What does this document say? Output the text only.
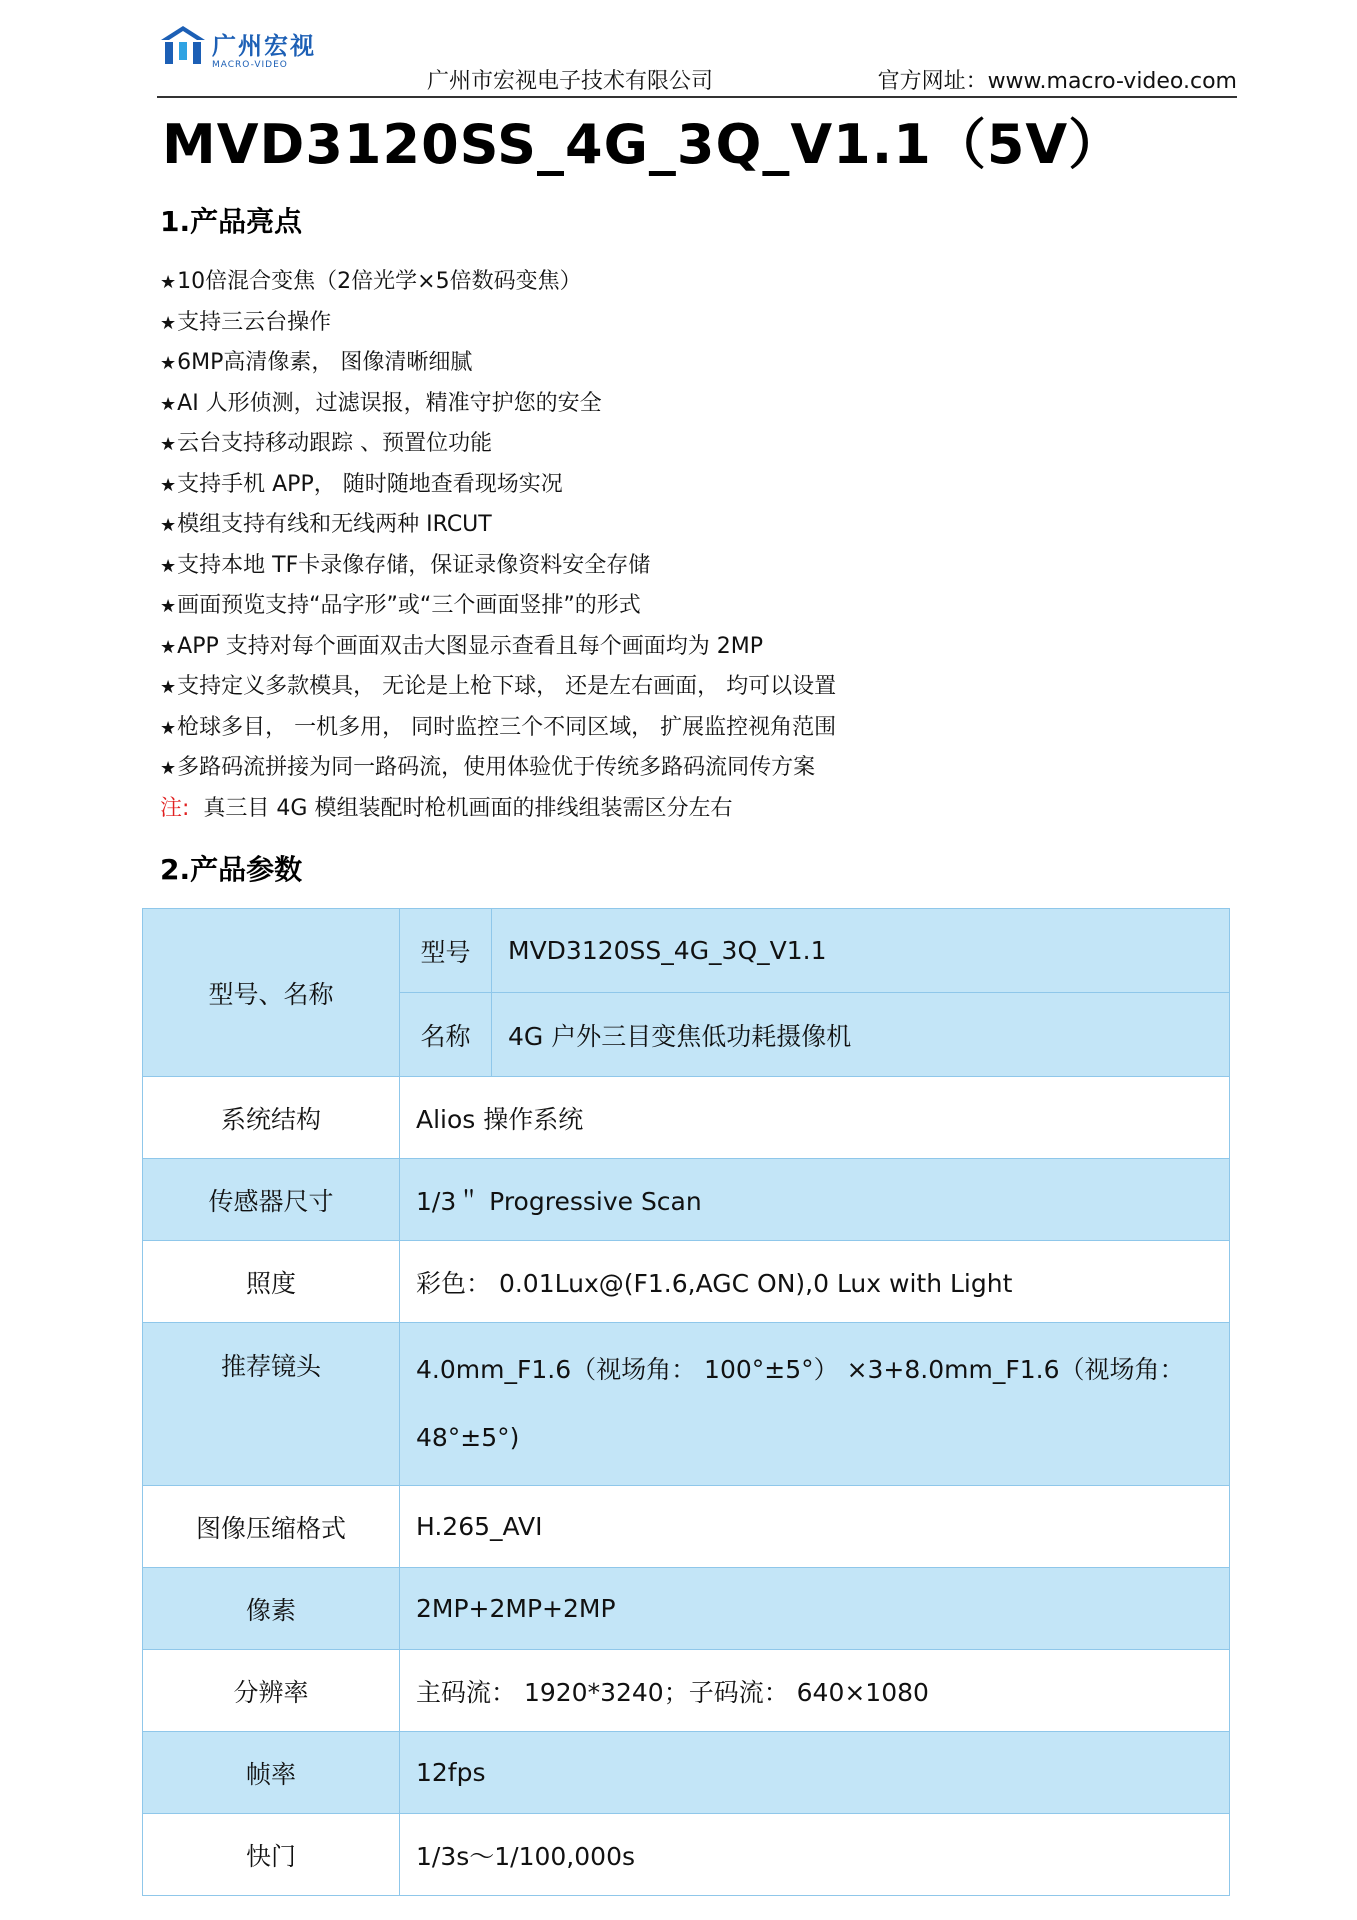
广州宏视
MACRO-VIDEO
广州市宏视电子技术有限公司	官方网址：www.macro-video.com
MVD3120SS_4G_3Q_V1.1（5V）
1.产品亮点
★10倍混合变焦（2倍光学×5倍数码变焦）
★支持三云台操作
★6MP高清像素， 图像清晰细腻
★AI 人形侦测，过滤误报，精准守护您的安全
★云台支持移动跟踪 、预置位功能
★支持手机 APP， 随时随地查看现场实况
★模组支持有线和无线两种 IRCUT
★支持本地 TF卡录像存储，保证录像资料安全存储
★画面预览支持“品字形”或“三个画面竖排”的形式
★APP 支持对每个画面双击大图显示查看且每个画面均为 2MP
★支持定义多款模具， 无论是上枪下球， 还是左右画面， 均可以设置
★枪球多目， 一机多用， 同时监控三个不同区域， 扩展监控视角范围
★多路码流拼接为同一路码流，使用体验优于传统多路码流同传方案
注: 真三目 4G 模组装配时枪机画面的排线组装需区分左右
2.产品参数
型号、名称	型号	MVD3120SS_4G_3Q_V1.1
	名称	4G 户外三目变焦低功耗摄像机
系统结构	Alios 操作系统	
传感器尺寸	1/3＂ Progressive Scan	
照度	彩色： 0.01Lux@(F1.6,AGC ON),0 Lux with Light	
推荐镜头	4.0mm_F1.6（视场角： 100°±5°） ×3+8.0mm_F1.6（视场角： 48°±5°)	
图像压缩格式	H.265_AVI	
像素	2MP+2MP+2MP	
分辨率	主码流： 1920*3240；子码流： 640×1080	
帧率	12fps	
快门	1/3s～1/100,000s	
